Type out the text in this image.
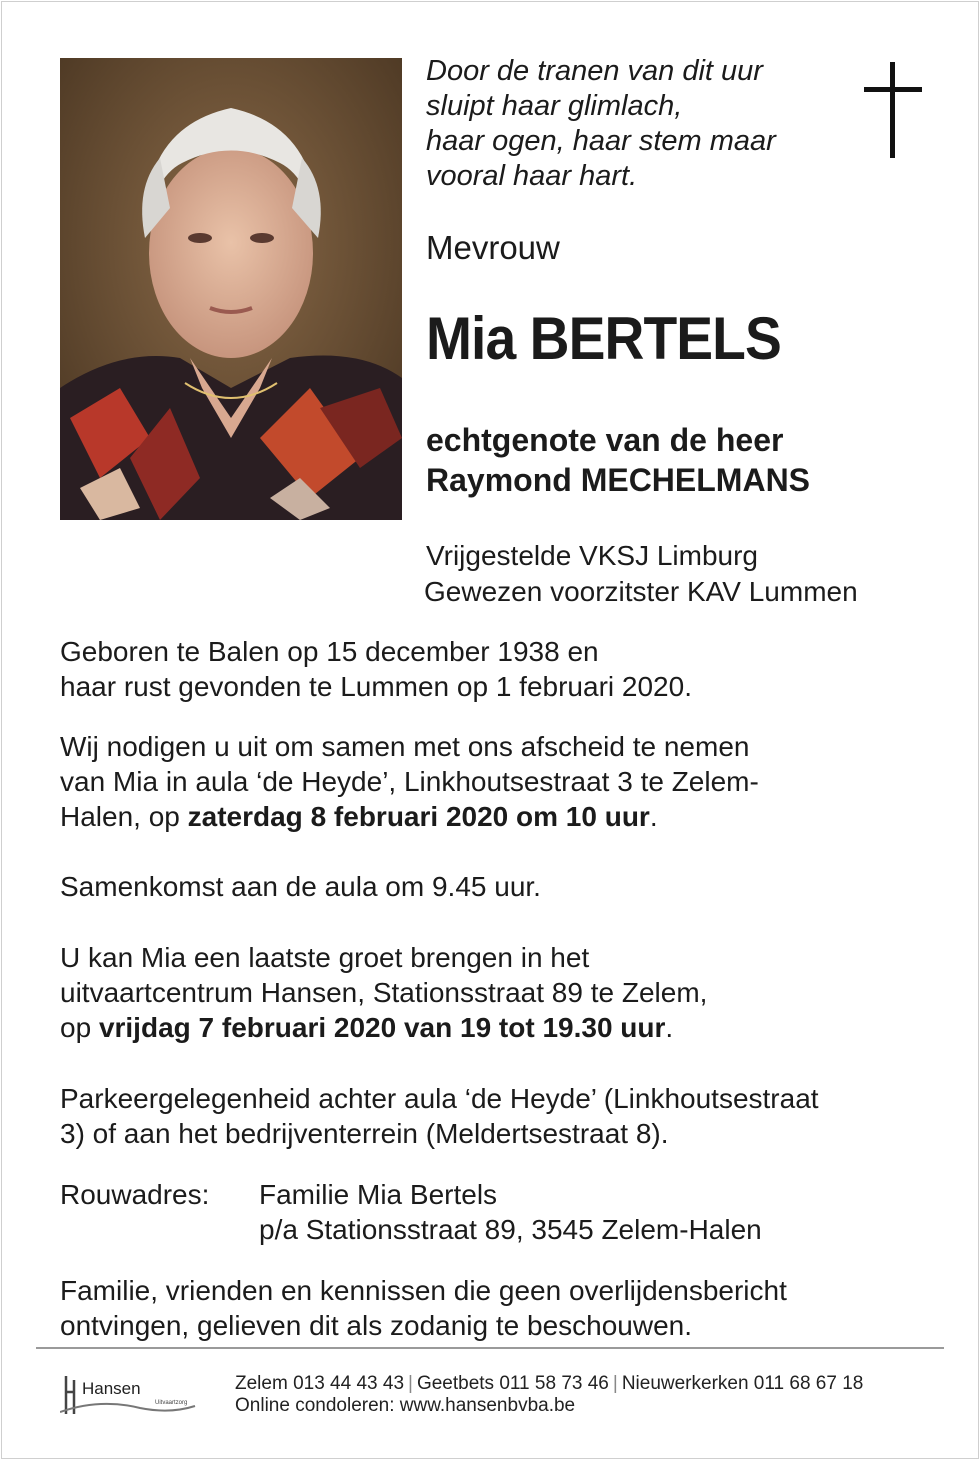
Door de tranen van dit uur
sluipt haar glimlach,
haar ogen, haar stem maar
vooral haar hart.
Mevrouw
Mia BERTELS
echtgenote van de heer
Raymond MECHELMANS
Vrijgestelde VKSJ Limburg
Gewezen voorzitster KAV Lummen
Geboren te Balen op 15 december 1938 en
haar rust gevonden te Lummen op 1 februari 2020.
Wij nodigen u uit om samen met ons afscheid te nemen
van Mia in aula ‘de Heyde’, Linkhoutsestraat 3 te Zelem-
Halen, op zaterdag 8 februari 2020 om 10 uur.
Samenkomst aan de aula om 9.45 uur.
U kan Mia een laatste groet brengen in het
uitvaartcentrum Hansen, Stationsstraat 89 te Zelem,
op vrijdag 7 februari 2020 van 19 tot 19.30 uur.
Parkeergelegenheid achter aula ‘de Heyde’ (Linkhoutsestraat
3) of aan het bedrijventerrein (Meldertsestraat 8).
Rouwadres: Familie Mia Bertels
p/a Stationsstraat 89, 3545 Zelem-Halen
Familie, vrienden en kennissen die geen overlijdensbericht
ontvingen, gelieven dit als zodanig te beschouwen.
Hansen
Uitvaartzorg
Zelem 013 44 43 43 | Geetbets 011 58 73 46 | Nieuwerkerken 011 68 67 18
Online condoleren: www.hansenbvba.be
